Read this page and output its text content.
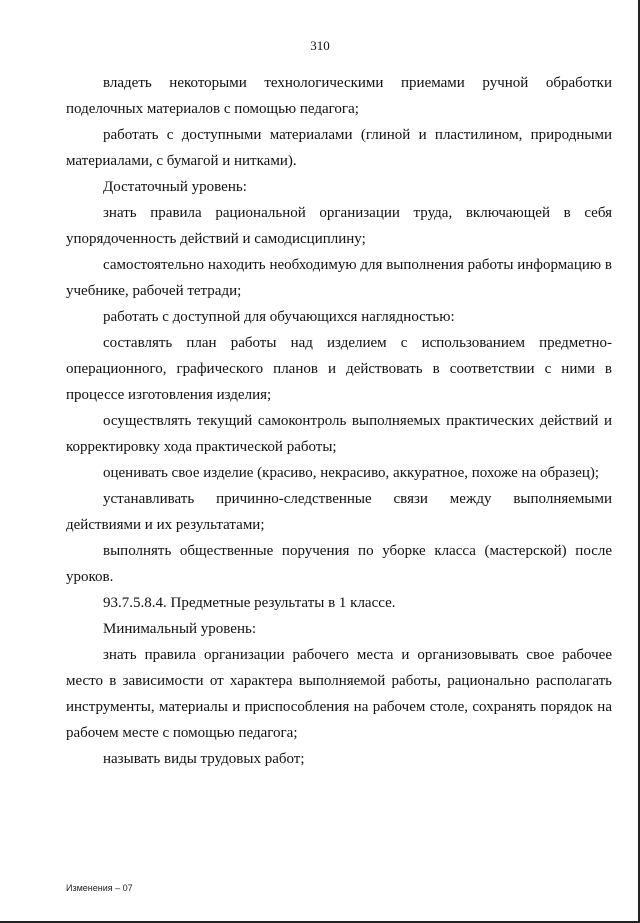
310

владеть некоторыми технологическими приемами ручной обработки поделочных материалов с помощью педагога;

работать с доступными материалами (глиной и пластилином, природными материалами, с бумагой и нитками).

Достаточный уровень:

знать правила рациональной организации труда, включающей в себя упорядоченность действий и самодисциплину;

самостоятельно находить необходимую для выполнения работы информацию в учебнике, рабочей тетради;

работать с доступной для обучающихся наглядностью:

составлять план работы над изделием с использованием предметно-операционного, графического планов и действовать в соответствии с ними в процессе изготовления изделия;

осуществлять текущий самоконтроль выполняемых практических действий и корректировку хода практической работы;

оценивать свое изделие (красиво, некрасиво, аккуратное, похоже на образец);

устанавливать причинно-следственные связи между выполняемыми действиями и их результатами;

выполнять общественные поручения по уборке класса (мастерской) после уроков.

93.7.5.8.4. Предметные результаты в 1 классе.

Минимальный уровень:

знать правила организации рабочего места и организовывать свое рабочее место в зависимости от характера выполняемой работы, рационально располагать инструменты, материалы и приспособления на рабочем столе, сохранять порядок на рабочем месте с помощью педагога;

называть виды трудовых работ;

Изменения – 07
